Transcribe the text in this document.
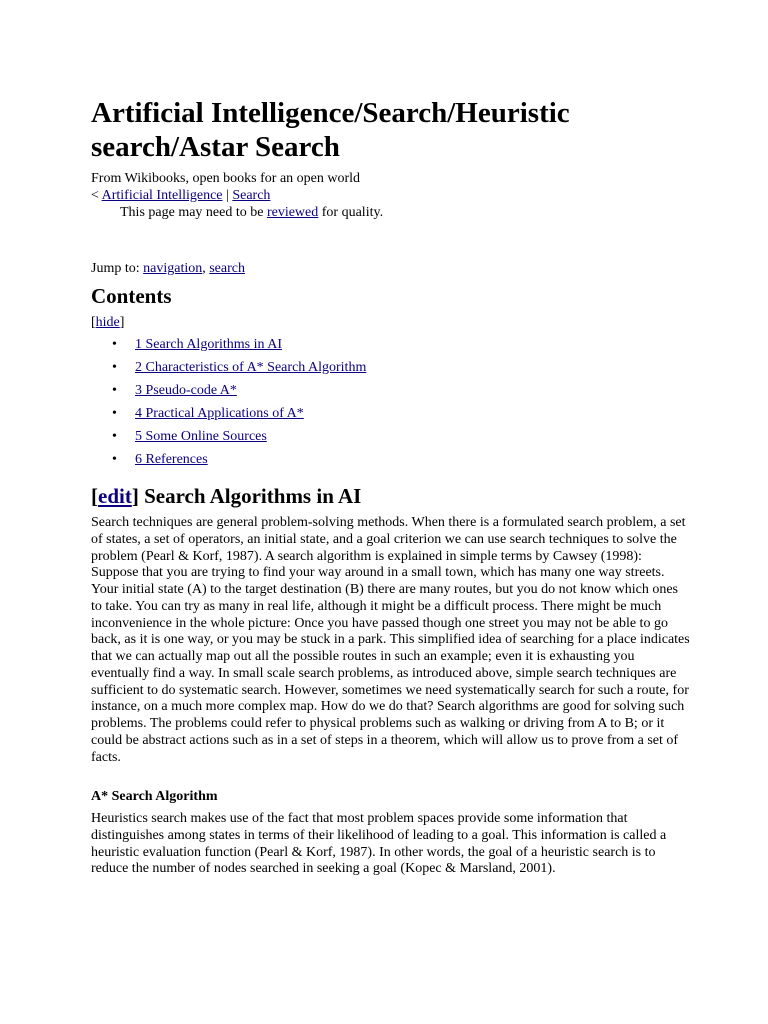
Artificial Intelligence/Search/Heuristic search/Astar Search
From Wikibooks, open books for an open world
< Artificial Intelligence | Search
This page may need to be reviewed for quality.
Jump to: navigation, search
Contents
[hide]
• 1 Search Algorithms in AI
• 2 Characteristics of A* Search Algorithm
• 3 Pseudo-code A*
• 4 Practical Applications of A*
• 5 Some Online Sources
• 6 References
[edit] Search Algorithms in AI

Search techniques are general problem-solving methods. When there is a formulated search problem, a set of states, a set of operators, an initial state, and a goal criterion we can use search techniques to solve the problem (Pearl & Korf, 1987). A search algorithm is explained in simple terms by Cawsey (1998): Suppose that you are trying to find your way around in a small town, which has many one way streets. Your initial state (A) to the target destination (B) there are many routes, but you do not know which ones to take. You can try as many in real life, although it might be a difficult process. There might be much inconvenience in the whole picture: Once you have passed though one street you may not be able to go back, as it is one way, or you may be stuck in a park. This simplified idea of searching for a place indicates that we can actually map out all the possible routes in such an example; even it is exhausting you eventually find a way. In small scale search problems, as introduced above, simple search techniques are sufficient to do systematic search. However, sometimes we need systematically search for such a route, for instance, on a much more complex map. How do we do that? Search algorithms are good for solving such problems. The problems could refer to physical problems such as walking or driving from A to B; or it could be abstract actions such as in a set of steps in a theorem, which will allow us to prove from a set of facts.

A* Search Algorithm

Heuristics search makes use of the fact that most problem spaces provide some information that distinguishes among states in terms of their likelihood of leading to a goal. This information is called a heuristic evaluation function (Pearl & Korf, 1987). In other words, the goal of a heuristic search is to reduce the number of nodes searched in seeking a goal (Kopec & Marsland, 2001).
